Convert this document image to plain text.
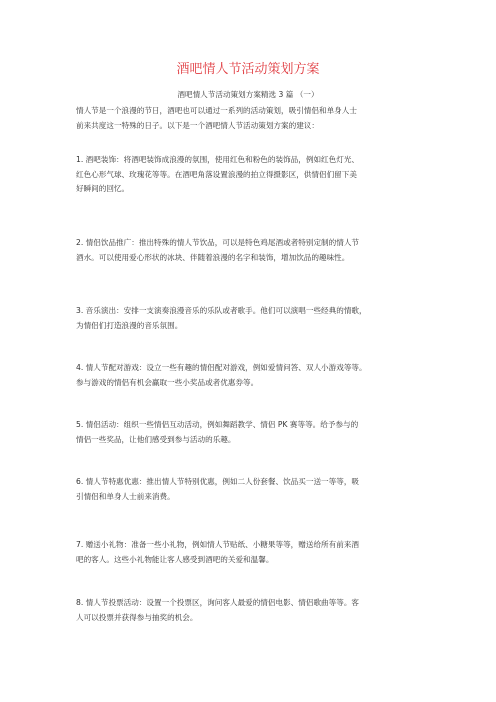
酒吧情人节活动策划方案
酒吧情人节活动策划方案精选 3 篇 （一）
情人节是一个浪漫的节日，酒吧也可以通过一系列的活动策划，吸引情侣和单身人士
前来共度这一特殊的日子。以下是一个酒吧情人节活动策划方案的建议：
1. 酒吧装饰：将酒吧装饰成浪漫的氛围，使用红色和粉色的装饰品，例如红色灯光、
红色心形气球、玫瑰花等等。在酒吧角落设置浪漫的拍立得摄影区，供情侣们留下美
好瞬间的回忆。
2. 情侣饮品推广：推出特殊的情人节饮品，可以是特色鸡尾酒或者特别定制的情人节
酒水。可以使用爱心形状的冰块、伴随着浪漫的名字和装饰，增加饮品的趣味性。
3. 音乐演出：安排一支演奏浪漫音乐的乐队或者歌手。他们可以演唱一些经典的情歌，
为情侣们打造浪漫的音乐氛围。
4. 情人节配对游戏：设立一些有趣的情侣配对游戏，例如爱情问答、双人小游戏等等。
参与游戏的情侣有机会赢取一些小奖品或者优惠券等。
5. 情侣活动：组织一些情侣互动活动，例如舞蹈教学、情侣 PK 赛等等。给予参与的
情侣一些奖品，让他们感受到参与活动的乐趣。
6. 情人节特惠优惠：推出情人节特别优惠，例如二人份套餐、饮品买一送一等等，吸
引情侣和单身人士前来消费。
7. 赠送小礼物：准备一些小礼物，例如情人节贴纸、小糖果等等，赠送给所有前来酒
吧的客人。这些小礼物能让客人感受到酒吧的关爱和温馨。
8. 情人节投票活动：设置一个投票区，询问客人最爱的情侣电影、情侣歌曲等等。客
人可以投票并获得参与抽奖的机会。
